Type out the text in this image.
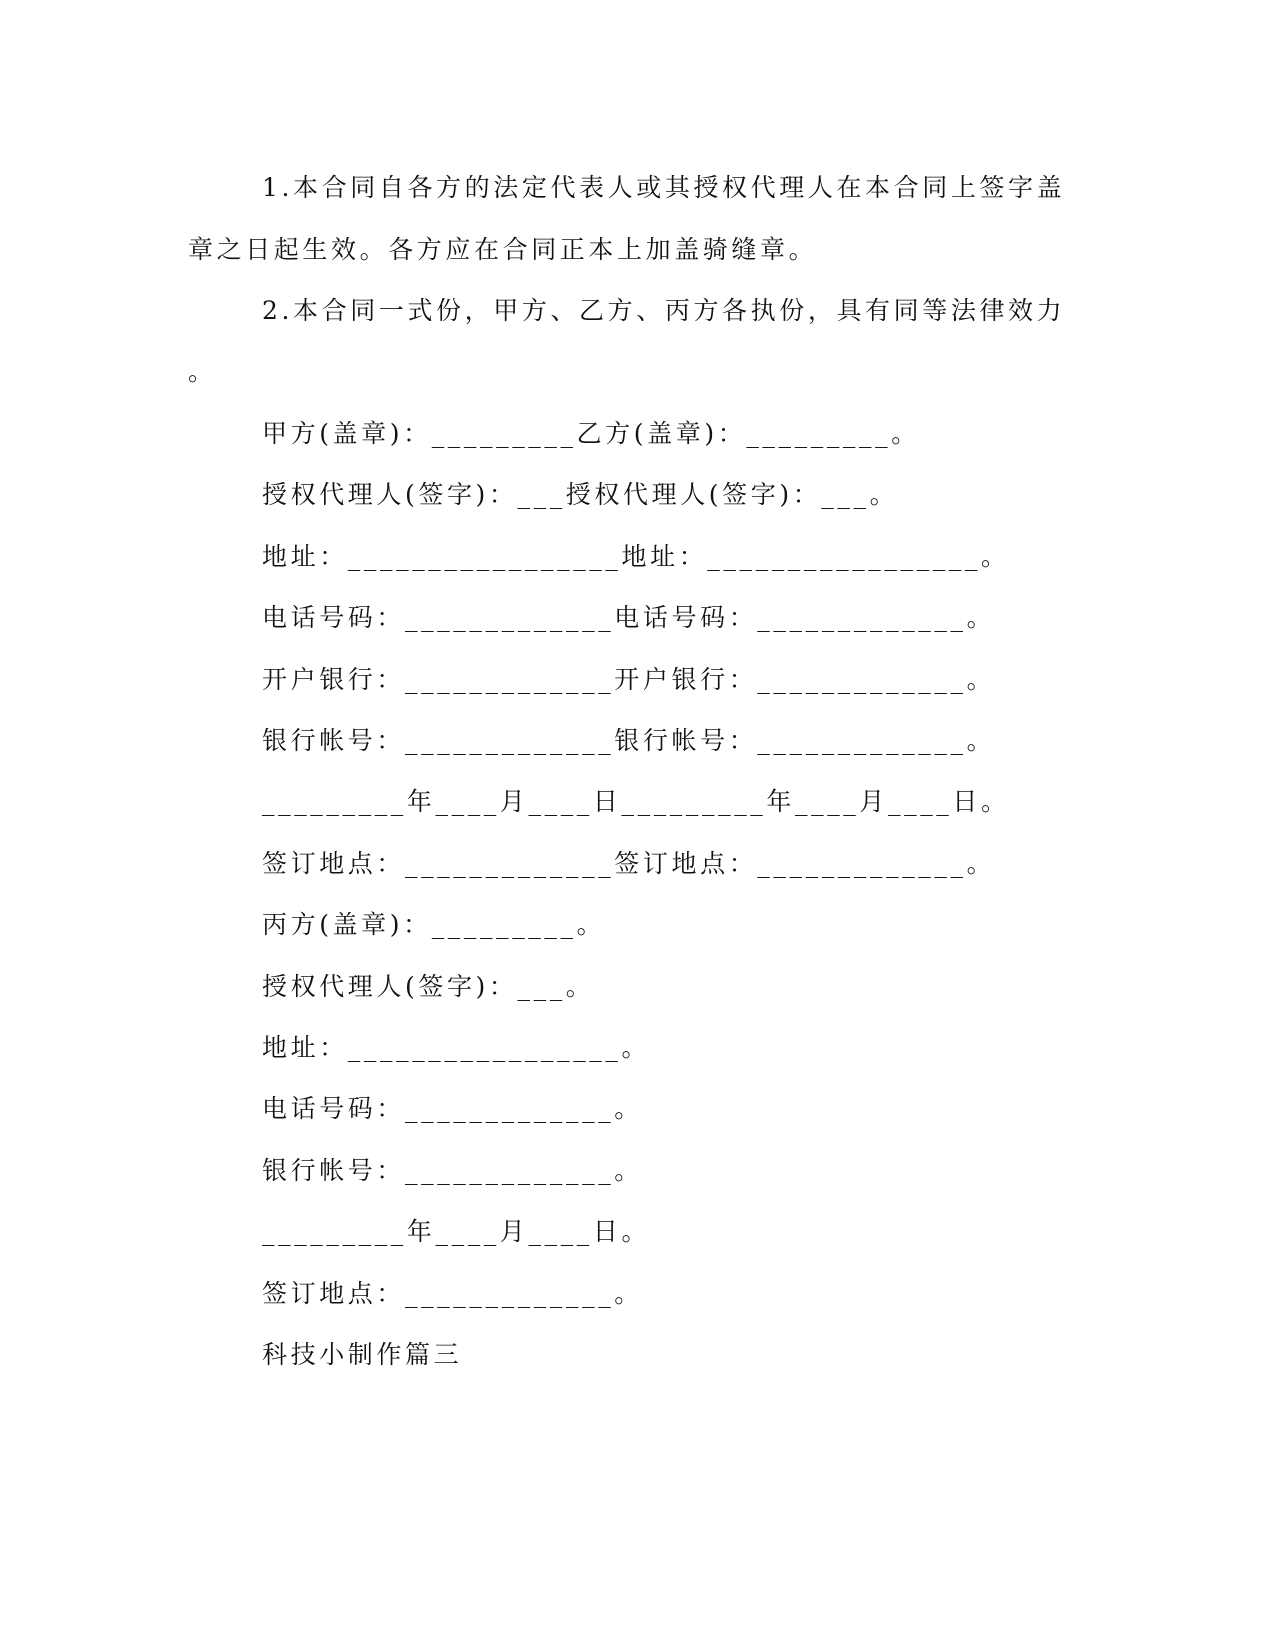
1.本合同自各方的法定代表人或其授权代理人在本合同上签字盖
章之日起生效。各方应在合同正本上加盖骑缝章。
2.本合同一式份，甲方、乙方、丙方各执份，具有同等法律效力
。
甲方(盖章)：_________乙方(盖章)：_________。
授权代理人(签字)：___授权代理人(签字)：___。
地址：_________________地址：_________________。
电话号码：_____________电话号码：_____________。
开户银行：_____________开户银行：_____________。
银行帐号：_____________银行帐号：_____________。
_________年____月____日_________年____月____日。
签订地点：_____________签订地点：_____________。
丙方(盖章)：_________。
授权代理人(签字)：___。
地址：_________________。
电话号码：_____________。
银行帐号：_____________。
_________年____月____日。
签订地点：_____________。
科技小制作篇三
